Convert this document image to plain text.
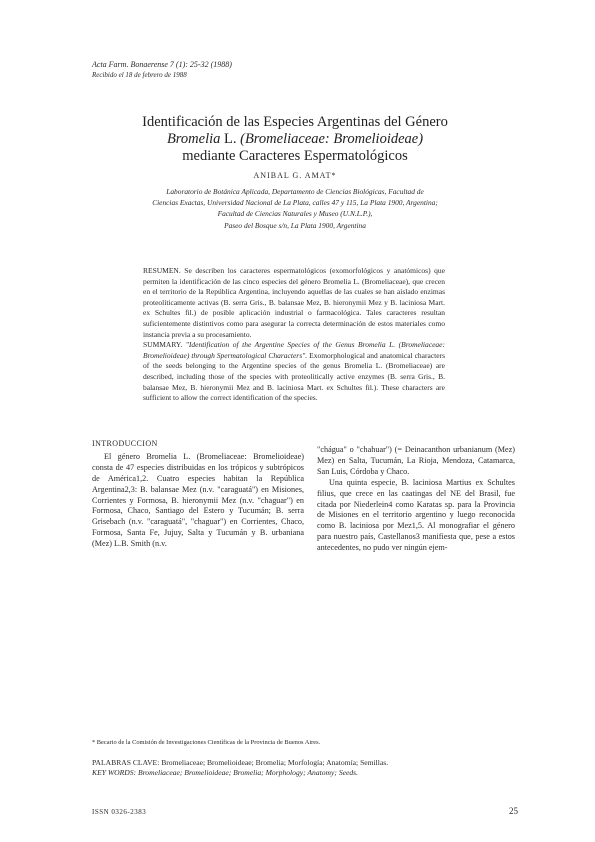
Acta Farm. Bonaerense 7 (1): 25-32 (1988)
Recibido el 18 de febrero de 1988
Identificación de las Especies Argentinas del Género
Bromelia L. (Bromeliaceae: Bromelioideae)
mediante Caracteres Espermatológicos
ANIBAL G. AMAT*
Laboratorio de Botánica Aplicada, Departamento de Ciencias Biológicas, Facultad de
Ciencias Exactas, Universidad Nacional de La Plata, calles 47 y 115, La Plata 1900, Argentina;
Facultad de Ciencias Naturales y Museo (U.N.L.P.),
Paseo del Bosque s/n, La Plata 1900, Argentina

RESUMEN. Se describen los caracteres espermatológicos (exomorfológicos y anatómicos) que permiten la identificación de las cinco especies del género Bromelia L. (Bromeliaceae), que crecen en el territorio de la República Argentina, incluyendo aquellas de las cuales se han aislado enzimas proteolíticamente activas (B. serra Gris., B. balansae Mez, B. hieronymii Mez y B. laciniosa Mart. ex Schultes fil.) de posible aplicación industrial o farmacológica. Tales caracteres resultan suficientemente distintivos como para asegurar la correcta determinación de estos materiales como instancia previa a su procesamiento.

SUMMARY. "Identification of the Argentine Species of the Genus Bromelia L. (Bromeliaceae: Bromelioideae) through Spermatological Characters". Exomorphological and anatomical characters of the seeds belonging to the Argentine species of the genus Bromelia L. (Bromeliaceae) are described, including those of the species with proteolitically active enzymes (B. serra Gris., B. balansae Mez, B. hieronymii Mez and B. laciniosa Mart. ex Schultes fil.). These characters are sufficient to allow the correct identification of the species.

INTRODUCCION

El género Bromelia L. (Bromeliaceae: Bromelioideae) consta de 47 especies distribuidas en los trópicos y subtrópicos de América1,2. Cuatro especies habitan la República Argentina2,3: B. balansae Mez (n.v. "caraguatá") en Misiones, Corrientes y Formosa, B. hieronymii Mez (n.v. "chaguar") en Formosa, Chaco, Santiago del Estero y Tucumán; B. serra Grisebach (n.v. "caraguatá", "chaguar") en Corrientes, Chaco, Formosa, Santa Fe, Jujuy, Salta y Tucumán y B. urbaniana (Mez) L.B. Smith (n.v.

"chágua" o "chahuar") (= Deinacanthon urbanianum (Mez) Mez) en Salta, Tucumán, La Rioja, Mendoza, Catamarca, San Luis, Córdoba y Chaco.

Una quinta especie, B. laciniosa Martius ex Schultes filius, que crece en las caatingas del NE del Brasil, fue citada por Niederlein4 como Karatas sp. para la Provincia de Misiones en el territorio argentino y luego reconocida como B. laciniosa por Mez1,5. Al monografiar el género para nuestro país, Castellanos3 manifiesta que, pese a estos antecedentes, no pudo ver ningún ejem-

* Becario de la Comisión de Investigaciones Científicas de la Provincia de Buenos Aires.
PALABRAS CLAVE: Bromeliaceae; Bromelioideae; Bromelia; Morfología; Anatomía; Semillas.
KEY WORDS: Bromeliaceae; Bromelioideae; Bromelia; Morphology; Anatomy; Seeds.
ISSN 0326-2383	25
